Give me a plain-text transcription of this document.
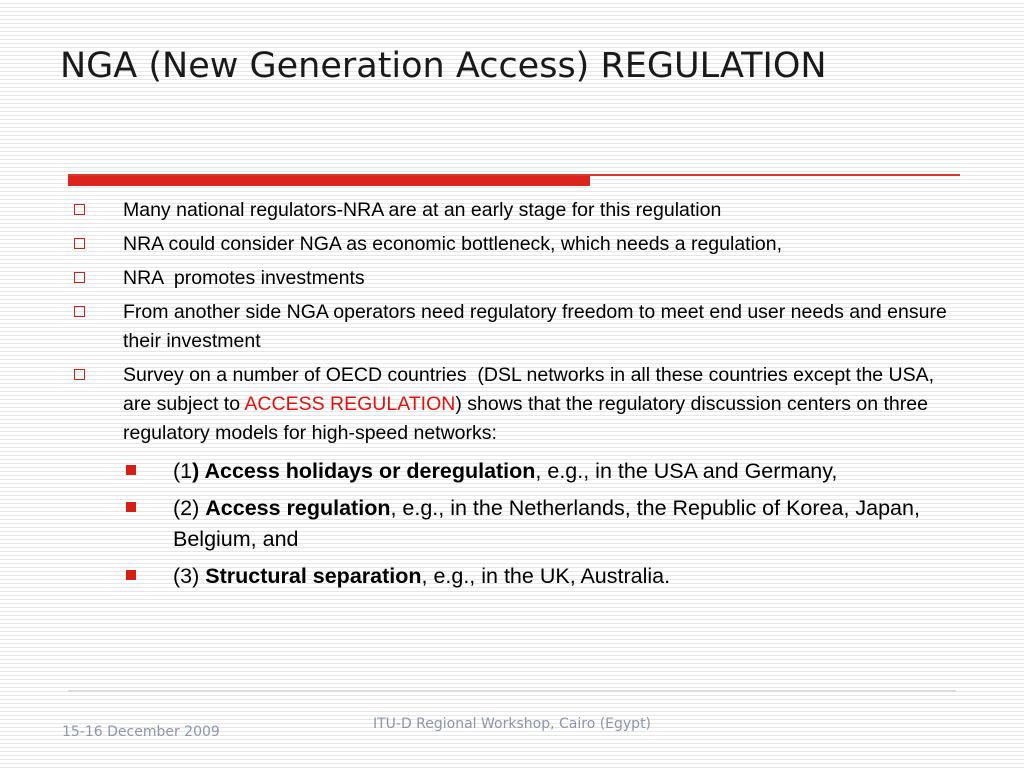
NGA (New Generation Access) REGULATION
Many national regulators-NRA are at an early stage for this regulation
NRA could consider NGA as economic bottleneck, which needs a regulation,
NRA  promotes investments
From another side NGA operators need regulatory freedom to meet end user needs and ensure their investment
Survey on a number of OECD countries  (DSL networks in all these countries except the USA, are subject to ACCESS REGULATION) shows that the regulatory discussion centers on three regulatory models for high-speed networks:
(1) Access holidays or deregulation, e.g., in the USA and Germany,
(2) Access regulation, e.g., in the Netherlands, the Republic of Korea, Japan, Belgium, and
(3) Structural separation, e.g., in the UK, Australia.
15-16 December 2009	ITU-D Regional Workshop, Cairo (Egypt)
